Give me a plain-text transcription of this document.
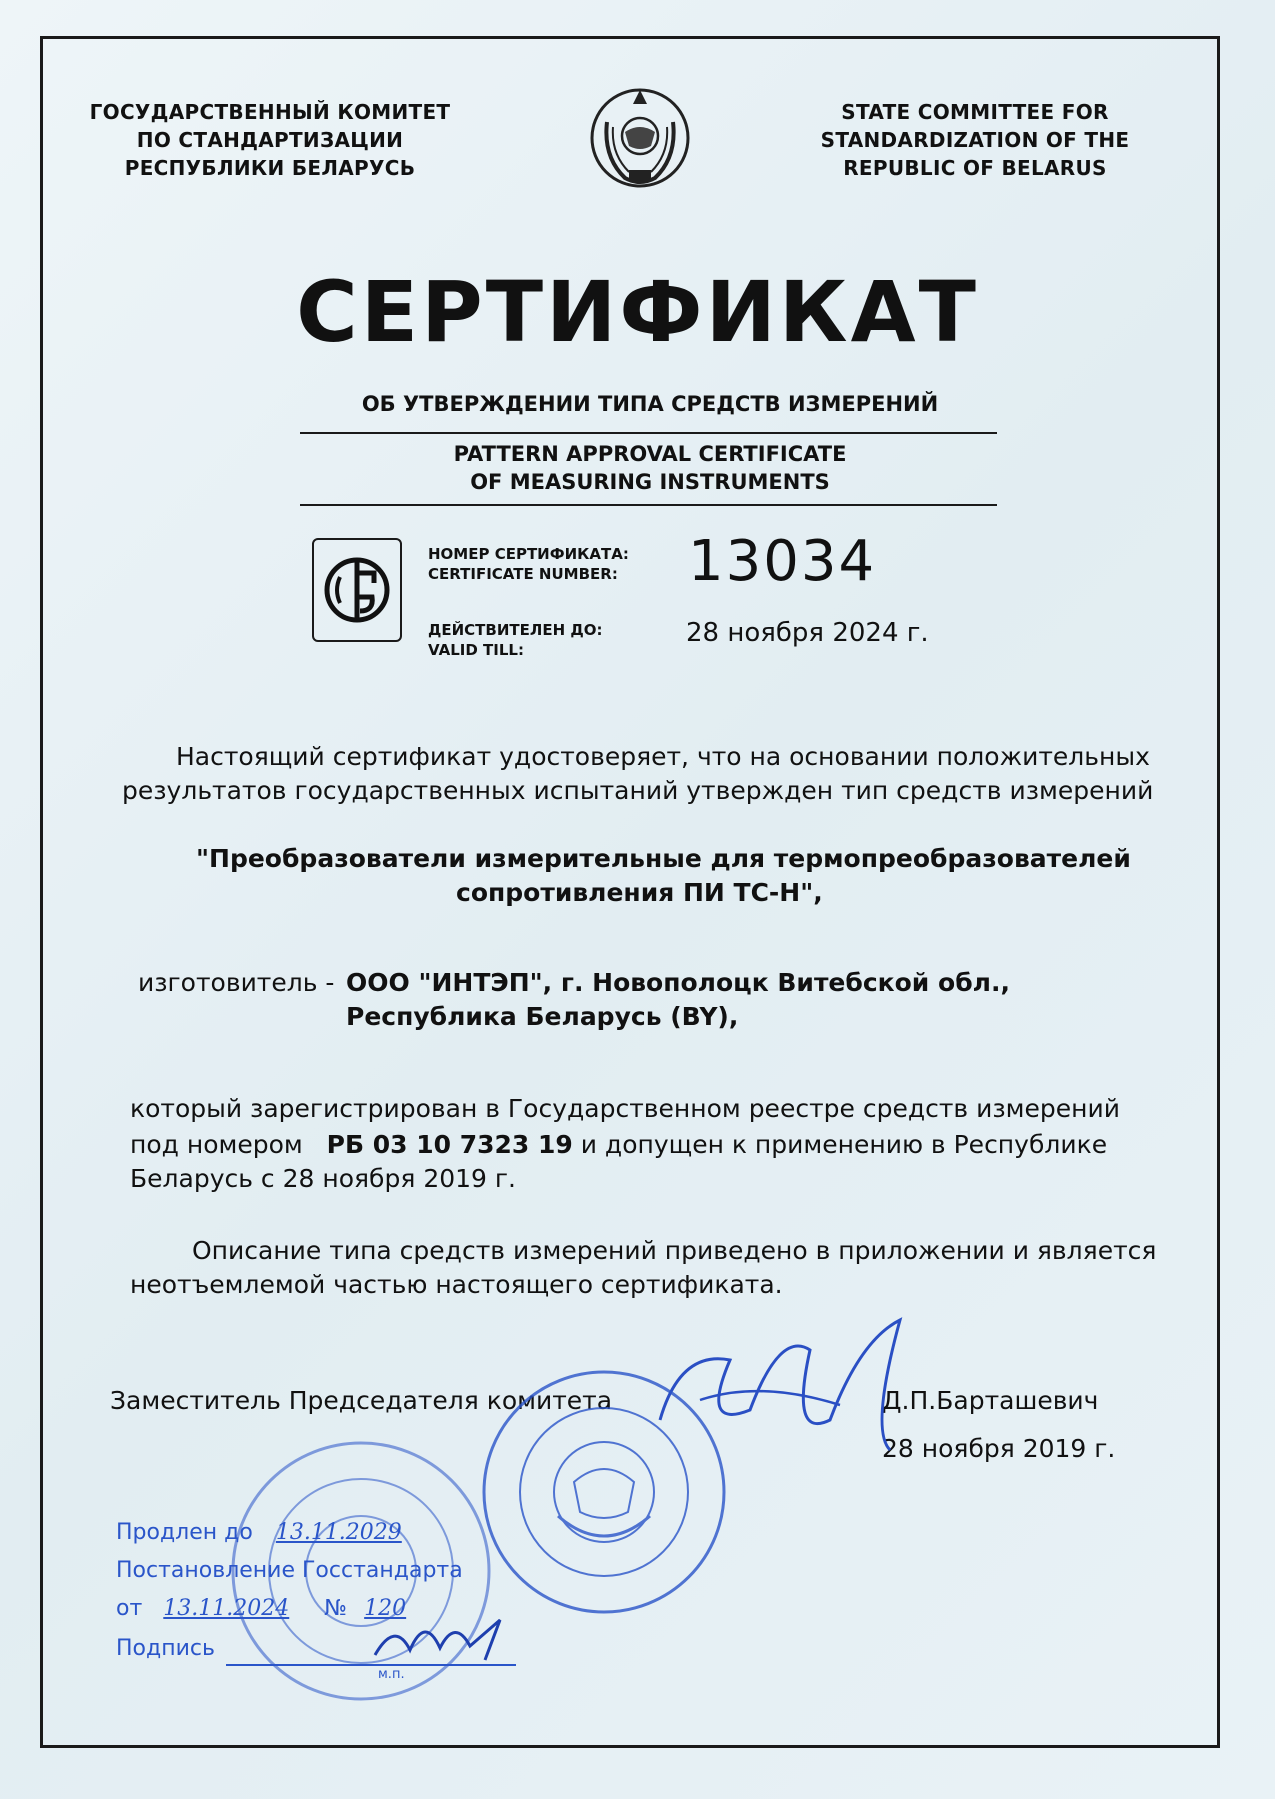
ГОСУДАРСТВЕННЫЙ КОМИТЕТ
ПО СТАНДАРТИЗАЦИИ
РЕСПУБЛИКИ БЕЛАРУСЬ
STATE COMMITTEE FOR
STANDARDIZATION OF THE
REPUBLIC OF BELARUS
СЕРТИФИКАТ
ОБ УТВЕРЖДЕНИИ ТИПА СРЕДСТВ ИЗМЕРЕНИЙ
PATTERN APPROVAL CERTIFICATE
OF MEASURING INSTRUMENTS
НОМЕР СЕРТИФИКАТА:
CERTIFICATE NUMBER: 13034
ДЕЙСТВИТЕЛЕН ДО:
VALID TILL:
28 ноября 2024 г.
Настоящий сертификат удостоверяет, что на основании положительных
результатов государственных испытаний утвержден тип средств измерений
"Преобразователи измерительные для термопреобразователей
сопротивления ПИ ТС-Н",
изготовитель - ООО "ИНТЭП", г. Новополоцк Витебской обл.,
Республика Беларусь (BY),
который зарегистрирован в Государственном реестре средств измерений
под номером РБ 03 10 7323 19 и допущен к применению в Республике
Беларусь с 28 ноября 2019 г.
Описание типа средств измерений приведено в приложении и является
неотъемлемой частью настоящего сертификата.
Заместитель Председателя комитета	Д.П.Барташевич
28 ноября 2019 г.
Продлен до 13.11.2029
Постановление Госстандарта
от 13.11.2024 № 120
Подпись
м.п.
